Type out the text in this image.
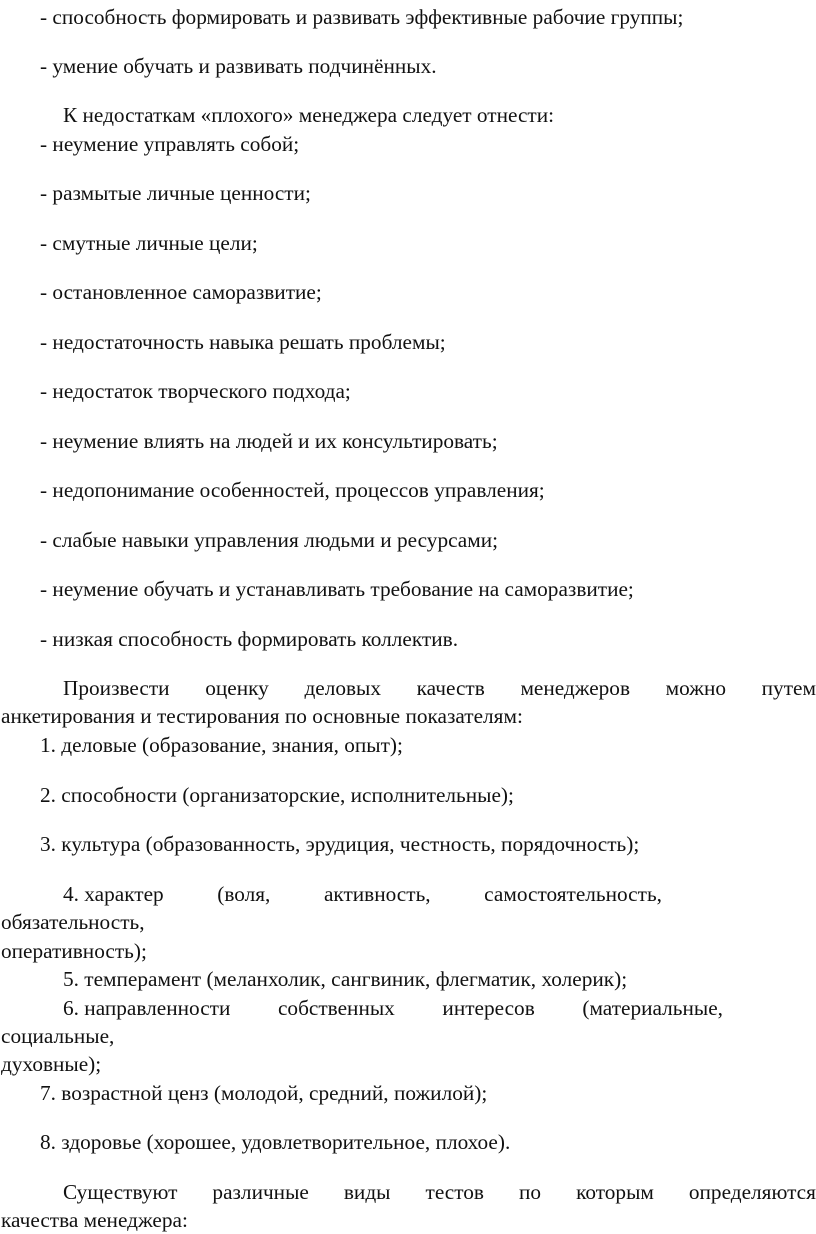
- способность формировать и развивать эффективные рабочие группы;
- умение обучать и развивать подчинённых.
К недостаткам «плохого» менеджера следует отнести:
- неумение управлять собой;
- размытые личные ценности;
- смутные личные цели;
- остановленное саморазвитие;
- недостаточность навыка решать проблемы;
- недостаток творческого подхода;
- неумение влиять на людей и их консультировать;
- недопонимание особенностей, процессов управления;
- слабые навыки управления людьми и ресурсами;
- неумение обучать и устанавливать требование на саморазвитие;
- низкая способность формировать коллектив.
Произвести оценку деловых качеств менеджеров можно путем
анкетирования и тестирования по основные показателям:
1. деловые (образование, знания, опыт);
2. способности (организаторские, исполнительные);
3. культура (образованность, эрудиция, честность, порядочность);
4. характер	(воля,	активность,	самостоятельность,
обязательность,
оперативность);
5. темперамент (меланхолик, сангвиник, флегматик, холерик);
6. направленности собственных интересов (материальные,
социальные,
духовные);
7. возрастной ценз (молодой, средний, пожилой);
8. здоровье (хорошее, удовлетворительное, плохое).
Существуют различные виды тестов по которым определяются
качества менеджера:
